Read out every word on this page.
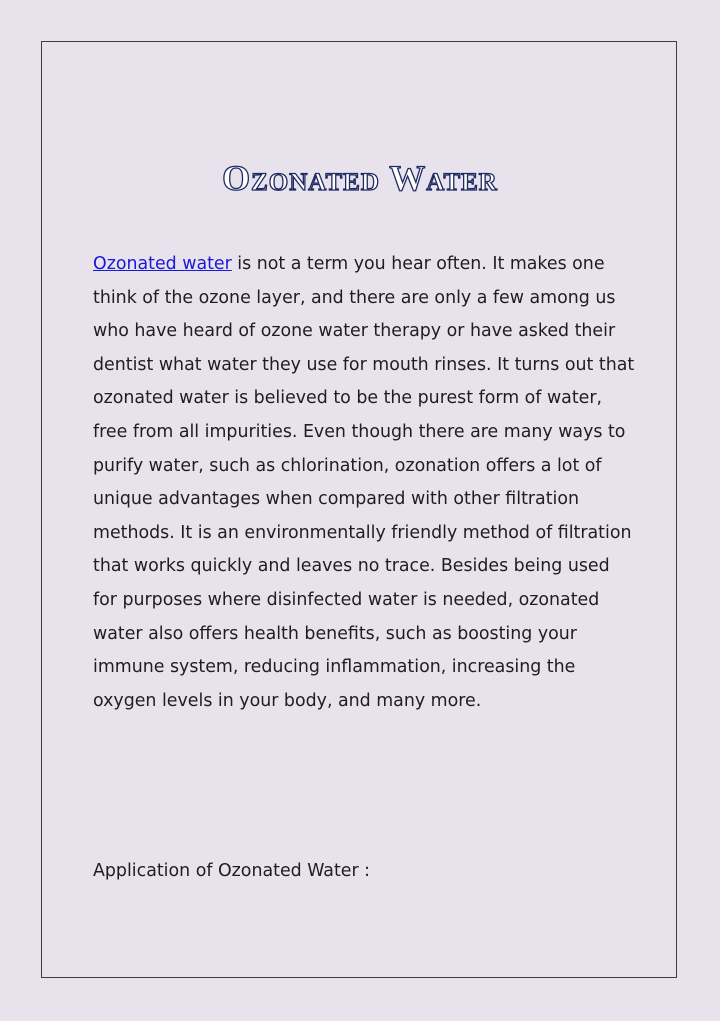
Ozonated Water

Ozonated water is not a term you hear often. It makes one think of the ozone layer, and there are only a few among us who have heard of ozone water therapy or have asked their dentist what water they use for mouth rinses. It turns out that ozonated water is believed to be the purest form of water, free from all impurities. Even though there are many ways to purify water, such as chlorination, ozonation offers a lot of unique advantages when compared with other filtration methods. It is an environmentally friendly method of filtration that works quickly and leaves no trace. Besides being used for purposes where disinfected water is needed, ozonated water also offers health benefits, such as boosting your immune system, reducing inflammation, increasing the oxygen levels in your body, and many more.

Application of Ozonated Water :
